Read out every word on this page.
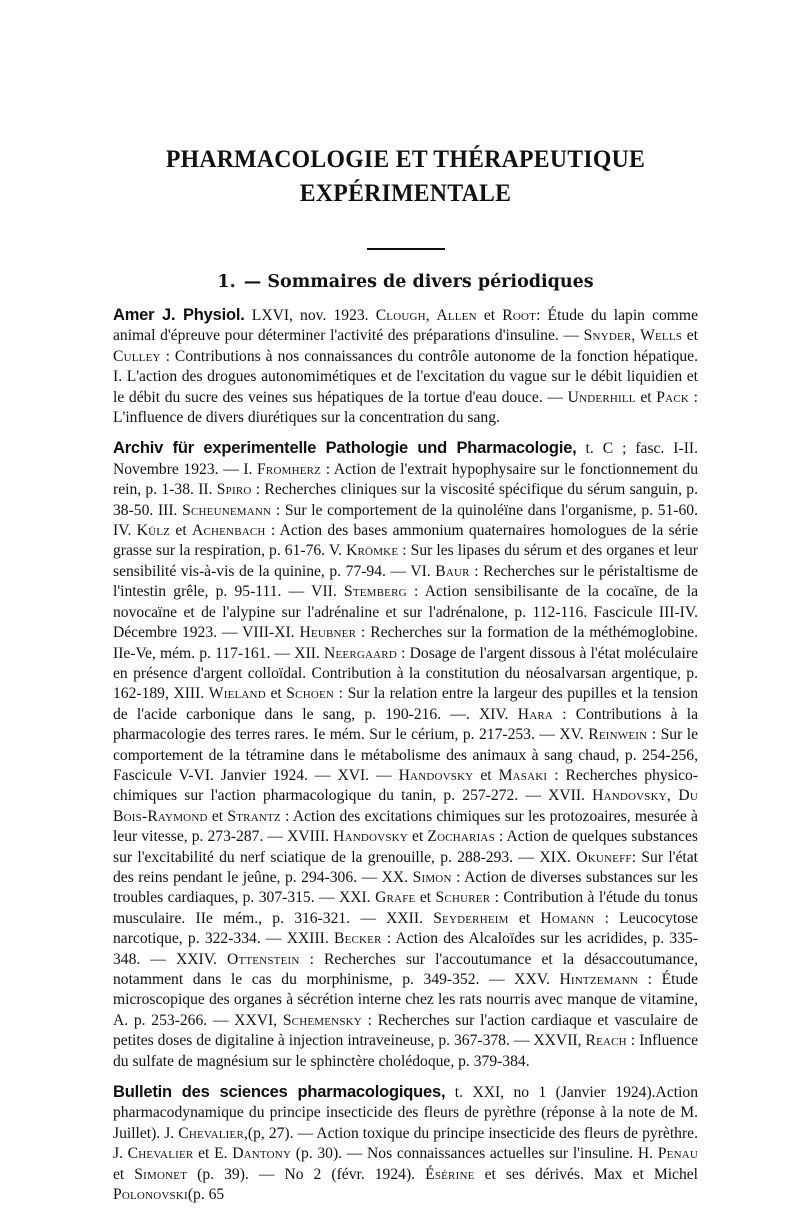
PHARMACOLOGIE ET THÉRAPEUTIQUE
EXPÉRIMENTALE
1. — Sommaires de divers périodiques

Amer J. Physiol. LXVI, nov. 1923. Clough, Allen et Root: Étude du lapin comme animal d'épreuve pour déterminer l'activité des préparations d'insuline. — Snyder, Wells et Culley : Contributions à nos connaissances du contrôle autonome de la fonction hépatique. I. L'action des drogues autonomimétiques et de l'excitation du vague sur le débit liquidien et le débit du sucre des veines sus hépatiques de la tortue d'eau douce. — Underhill et Pack : L'influence de divers diurétiques sur la concentration du sang.

Archiv für experimentelle Pathologie und Pharmacologie, t. C ; fasc. I-II. Novembre 1923. — I. Fromherz : Action de l'extrait hypophysaire sur le fonctionnement du rein, p. 1-38. II. Spiro : Recherches cliniques sur la viscosité spécifique du sérum sanguin, p. 38-50. III. Scheunemann : Sur le comportement de la quinoléïne dans l'organisme, p. 51-60. IV. Külz et Achenbach : Action des bases ammonium quaternaires homologues de la série grasse sur la respiration, p. 61-76. V. Krömke : Sur les lipases du sérum et des organes et leur sensibilité vis-à-vis de la quinine, p. 77-94. — VI. Baur : Recherches sur le péristaltisme de l'intestin grêle, p. 95-111. — VII. Stemberg : Action sensibilisante de la cocaïne, de la novocaïne et de l'alypine sur l'adrénaline et sur l'adrénalone, p. 112-116. Fascicule III-IV. Décembre 1923. — VIII-XI. Heubner : Recherches sur la formation de la méthémoglobine. IIe-Ve, mém. p. 117-161. — XII. Neergaard : Dosage de l'argent dissous à l'état moléculaire en présence d'argent colloïdal. Contribution à la constitution du néosalvarsan argentique, p. 162-189, XIII. Wieland et Schoen : Sur la relation entre la largeur des pupilles et la tension de l'acide carbonique dans le sang, p. 190-216. —. XIV. Hara : Contributions à la pharmacologie des terres rares. Ie mém. Sur le cérium, p. 217-253. — XV. Reinwein : Sur le comportement de la tétramine dans le métabolisme des animaux à sang chaud, p. 254-256, Fascicule V-VI. Janvier 1924. — XVI. — Handovsky et Masaki : Recherches physico-chimiques sur l'action pharmacologique du tanin, p. 257-272. — XVII. Handovsky, Du Bois-Raymond et Strantz : Action des excitations chimiques sur les protozoaires, mesurée à leur vitesse, p. 273-287. — XVIII. Handovsky et Zocharias : Action de quelques substances sur l'excitabilité du nerf sciatique de la grenouille, p. 288-293. — XIX. Okuneff: Sur l'état des reins pendant le jeûne, p. 294-306. — XX. Simon : Action de diverses substances sur les troubles cardiaques, p. 307-315. — XXI. Grafe et Schurer : Contribution à l'étude du tonus musculaire. IIe mém., p. 316-321. — XXII. Seyderheim et Homann : Leucocytose narcotique, p. 322-334. — XXIII. Becker : Action des Alcaloïdes sur les acridides, p. 335-348. — XXIV. Ottenstein : Recherches sur l'accoutumance et la désaccoutumance, notamment dans le cas du morphinisme, p. 349-352. — XXV. Hintzemann : Étude microscopique des organes à sécrétion interne chez les rats nourris avec manque de vitamine, A. p. 253-266. — XXVI, Schemensky : Recherches sur l'action cardiaque et vasculaire de petites doses de digitaline à injection intraveineuse, p. 367-378. — XXVII, Reach : Influence du sulfate de magnésium sur le sphinctère cholédoque, p. 379-384.

Bulletin des sciences pharmacologiques, t. XXI, no 1 (Janvier 1924).Action pharmacodynamique du principe insecticide des fleurs de pyrèthre (réponse à la note de M. Juillet). J. Chevalier,(p, 27). — Action toxique du principe insecticide des fleurs de pyrèthre. J. Chevalier et E. Dantony (p. 30). — Nos connaissances actuelles sur l'insuline. H. Penau et Simonet (p. 39). — No 2 (févr. 1924). Ésérine et ses dérivés. Max et Michel Polonovski(p. 65
